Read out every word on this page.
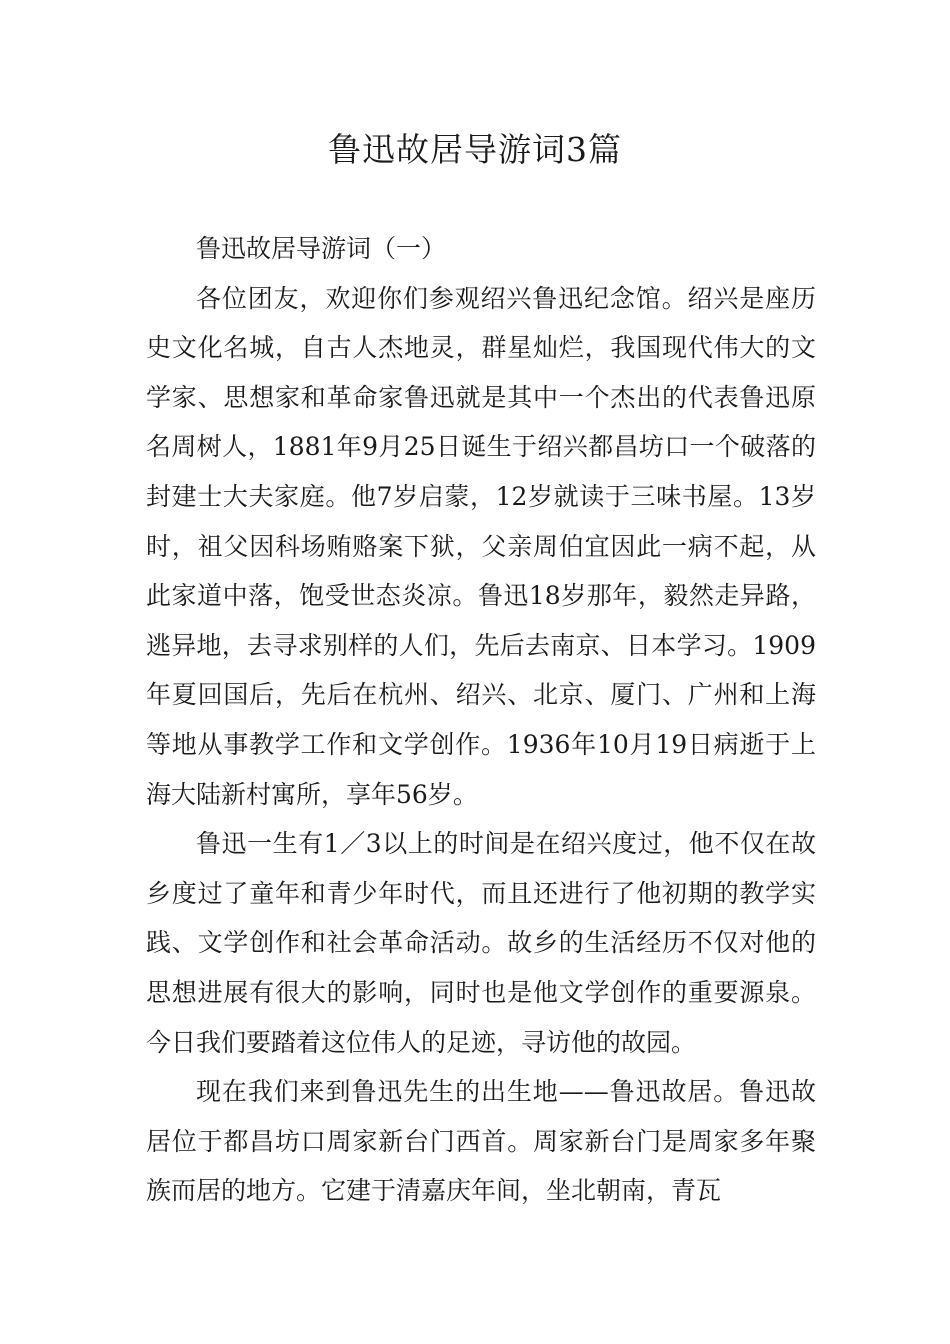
鲁迅故居导游词3篇

鲁迅故居导游词（一）

各位团友，欢迎你们参观绍兴鲁迅纪念馆。绍兴是座历史文化名城，自古人杰地灵，群星灿烂，我国现代伟大的文学家、思想家和革命家鲁迅就是其中一个杰出的代表鲁迅原名周树人，1881年9月25日诞生于绍兴都昌坊口一个破落的封建士大夫家庭。他7岁启蒙，12岁就读于三味书屋。13岁时，祖父因科场贿赂案下狱，父亲周伯宜因此一病不起，从此家道中落，饱受世态炎凉。鲁迅18岁那年，毅然走异路，逃异地，去寻求别样的人们，先后去南京、日本学习。1909年夏回国后，先后在杭州、绍兴、北京、厦门、广州和上海等地从事教学工作和文学创作。1936年10月19日病逝于上海大陆新村寓所，享年56岁。

鲁迅一生有1／3以上的时间是在绍兴度过，他不仅在故乡度过了童年和青少年时代，而且还进行了他初期的教学实践、文学创作和社会革命活动。故乡的生活经历不仅对他的思想进展有很大的影响，同时也是他文学创作的重要源泉。今日我们要踏着这位伟人的足迹，寻访他的故园。

现在我们来到鲁迅先生的出生地——鲁迅故居。鲁迅故居位于都昌坊口周家新台门西首。周家新台门是周家多年聚族而居的地方。它建于清嘉庆年间，坐北朝南，青瓦
